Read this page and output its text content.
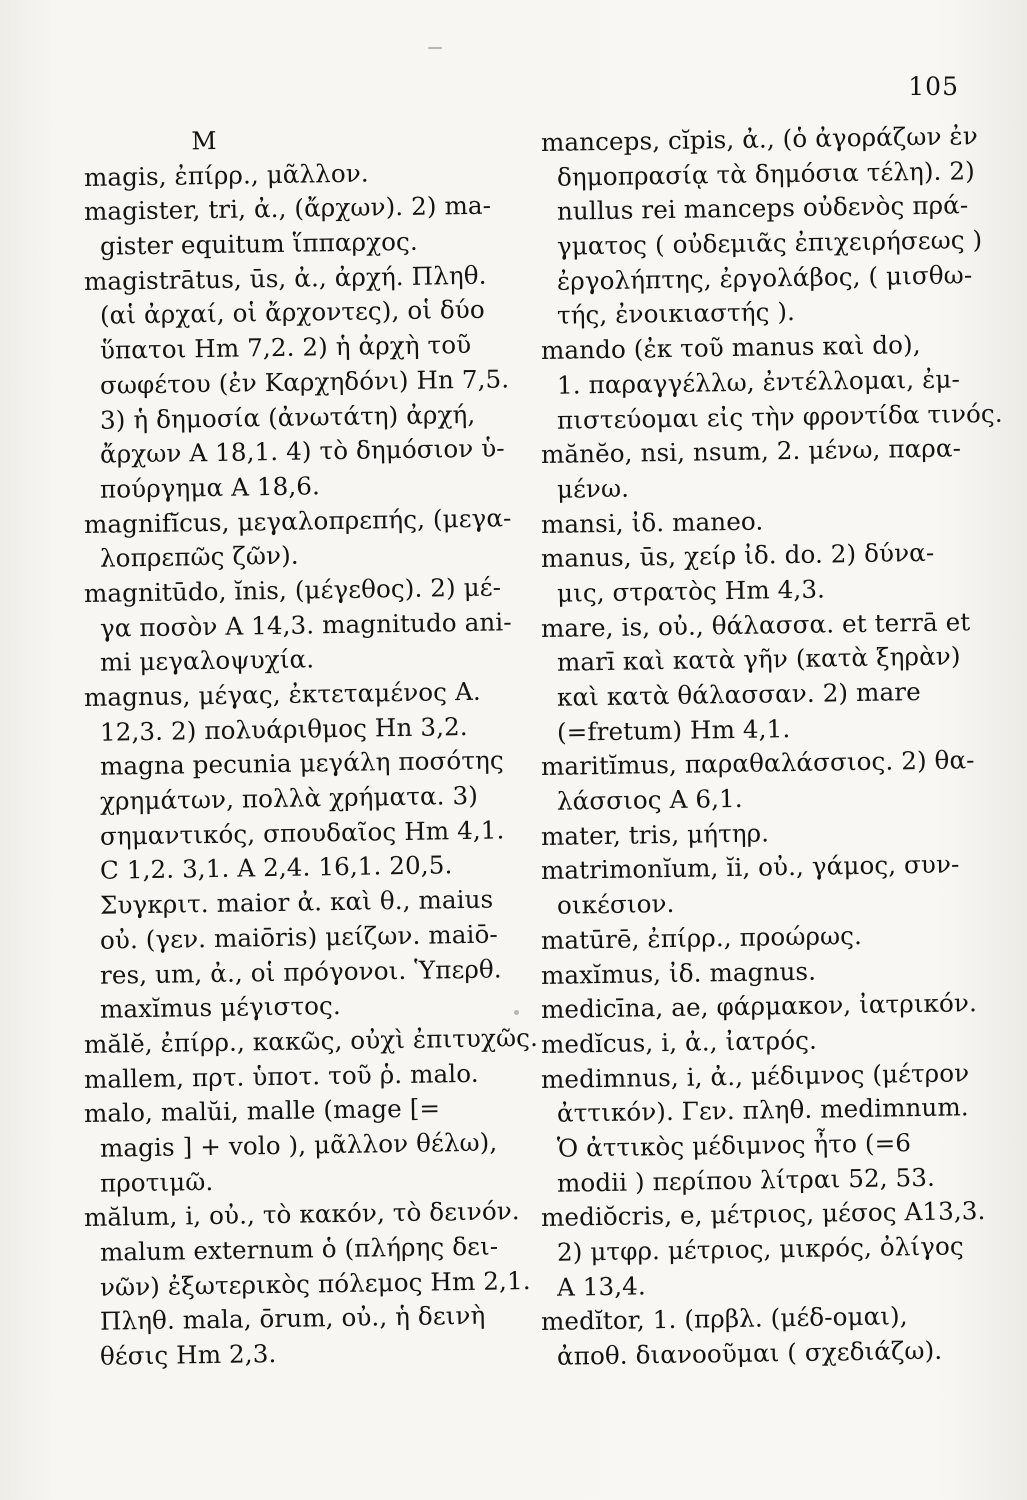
105
M
magis, ἐπίρρ., μᾶλλον.
magister, tri, ἀ., (ἄρχων). 2) ma-
gister equitum ἵππαρχος.
magistrātus, ūs, ἀ., ἀρχή. Πληθ.
(αἱ ἀρχαί, οἱ ἄρχοντες), οἱ δύο
ὕπατοι Hm 7,2. 2) ἡ ἀρχὴ τοῦ
σωφέτου (ἐν Καρχηδόνι) Hn 7,5.
3) ἡ δημοσία (ἀνωτάτη) ἀρχή,
ἄρχων A 18,1. 4) τὸ δημόσιον ὑ-
πούργημα A 18,6.
magnifĭcus, μεγαλοπρεπής, (μεγα-
λοπρεπῶς ζῶν).
magnitūdo, ĭnis, (μέγεθος). 2) μέ-
γα ποσὸν A 14,3. magnitudo ani-
mi μεγαλοψυχία.
magnus, μέγας, ἐκτεταμένος A.
12,3. 2) πολυάριθμος Hn 3,2.
magna pecunia μεγάλη ποσότης
χρημάτων, πολλὰ χρήματα. 3)
σημαντικός, σπουδαῖος Hm 4,1.
C 1,2. 3,1. A 2,4. 16,1. 20,5.
Συγκριτ. maior ἀ. καὶ θ., maius
οὐ. (γεν. maiōris) μείζων. maiō-
res, um, ἀ., οἱ πρόγονοι. Ὑπερθ.
maxĭmus μέγιστος.
mălĕ, ἐπίρρ., κακῶς, οὐχὶ ἐπιτυχῶς.
mallem, πρτ. ὑποτ. τοῦ ῥ. malo.
malo, malŭi, malle (mage [=
magis ] + volo ), μᾶλλον θέλω),
προτιμῶ.
mălum, i, οὐ., τὸ κακόν, τὸ δεινόν.
malum externum ὁ (πλήρης δει-
νῶν) ἐξωτερικὸς πόλεμος Hm 2,1.
Πληθ. mala, ōrum, οὐ., ἡ δεινὴ
θέσις Hm 2,3.
manceps, cĭpis, ἀ., (ὁ ἀγοράζων ἐν
δημοπρασίᾳ τὰ δημόσια τέλη). 2)
nullus rei manceps οὐδενὸς πρά-
γματος ( οὐδεμιᾶς ἐπιχειρήσεως )
ἐργολήπτης, ἐργολάβος, ( μισθω-
τής, ἐνοικιαστής ).
mando (ἐκ τοῦ manus καὶ do),
1. παραγγέλλω, ἐντέλλομαι, ἐμ-
πιστεύομαι εἰς τὴν φροντίδα τινός.
mănĕo, nsi, nsum, 2. μένω, παρα-
μένω.
mansi, ἰδ. maneo.
manus, ūs, χείρ ἰδ. do. 2) δύνα-
μις, στρατὸς Hm 4,3.
mare, is, οὐ., θάλασσα. et terrā et
marī καὶ κατὰ γῆν (κατὰ ξηρὰν)
καὶ κατὰ θάλασσαν. 2) mare
(=fretum) Hm 4,1.
maritĭmus, παραθαλάσσιος. 2) θα-
λάσσιος A 6,1.
mater, tris, μήτηρ.
matrimonĭum, ĭi, οὐ., γάμος, συν-
οικέσιον.
matūrē, ἐπίρρ., προώρως.
maxĭmus, ἰδ. magnus.
medicīna, ae, φάρμακον, ἰατρικόν.
medĭcus, i, ἀ., ἰατρός.
medimnus, i, ἀ., μέδιμνος (μέτρον
ἀττικόν). Γεν. πληθ. medimnum.
Ὁ ἀττικὸς μέδιμνος ἦτο (=6
modii ) περίπου λίτραι 52, 53.
mediŏcris, e, μέτριος, μέσος A13,3.
2) μτφρ. μέτριος, μικρός, ὀλίγος
A 13,4.
medĭtor, 1. (πρβλ. (μέδ-ομαι),
ἀποθ. διανοοῦμαι ( σχεδιάζω).
